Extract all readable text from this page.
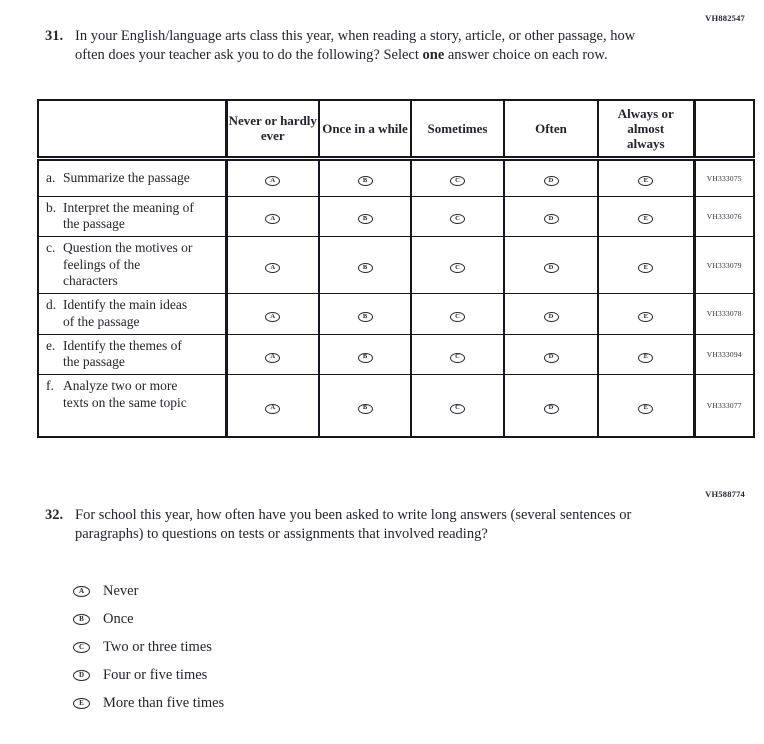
VH882547
31. In your English/language arts class this year, when reading a story, article, or other passage, how often does your teacher ask you to do the following? Select one answer choice on each row.
	Never or hardly ever	Once in a while	Sometimes	Often	Always or almost always	

a. Summarize the passage	A	B	C	D	E	VH333075

b. Interpret the meaning of the passage	A	B	C	D	E	VH333076

c. Question the motives or feelings of the characters	A	B	C	D	E	VH333079

d. Identify the main ideas of the passage	A	B	C	D	E	VH333078

e. Identify the themes of the passage	A	B	C	D	E	VH333094

f. Analyze two or more texts on the same topic	A	B	C	D	E	VH333077
VH588774
32. For school this year, how often have you been asked to write long answers (several sentences or paragraphs) to questions on tests or assignments that involved reading?
A Never
B Once
C Two or three times
D Four or five times
E More than five times
